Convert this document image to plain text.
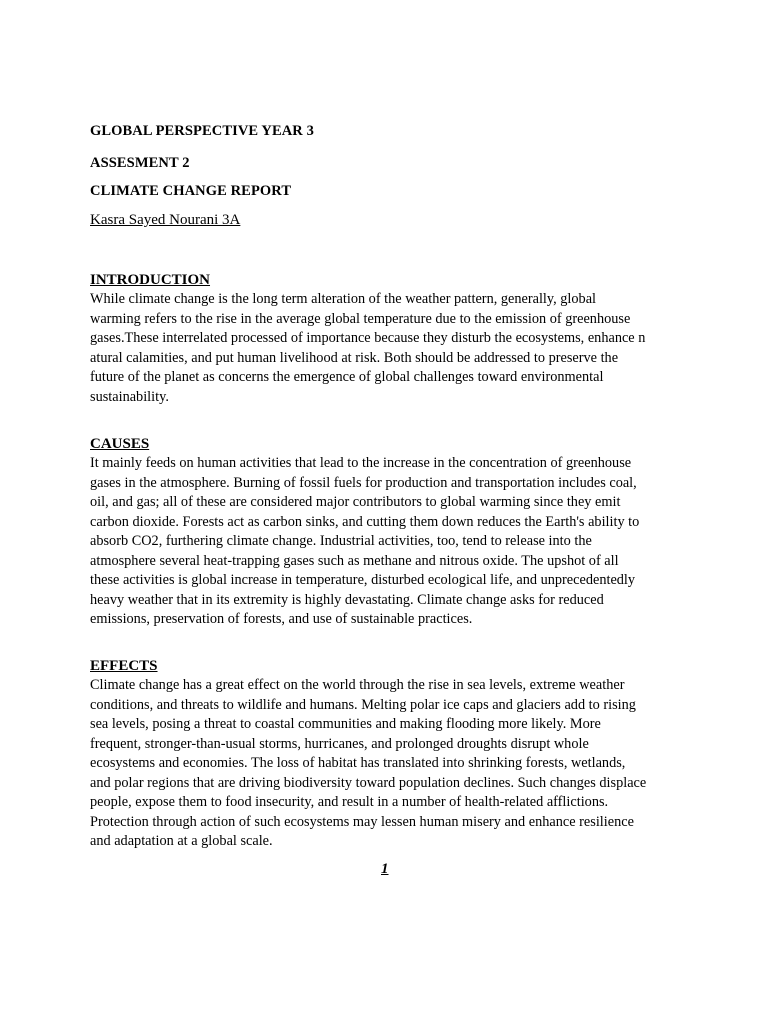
GLOBAL PERSPECTIVE YEAR 3
ASSESMENT 2
CLIMATE CHANGE REPORT
Kasra Sayed Nourani 3A
INTRODUCTION
While climate change is the long term alteration of the weather pattern, generally, global
warming refers to the rise in the average global temperature due to the emission of greenhouse
gases.These interrelated processed of importance because they disturb the ecosystems, enhance n
atural calamities, and put human livelihood at risk. Both should be addressed to preserve the
future of the planet as concerns the emergence of global challenges toward environmental
sustainability.
CAUSES
It mainly feeds on human activities that lead to the increase in the concentration of greenhouse
gases in the atmosphere. Burning of fossil fuels for production and transportation includes coal,
oil, and gas; all of these are considered major contributors to global warming since they emit
carbon dioxide. Forests act as carbon sinks, and cutting them down reduces the Earth's ability to
absorb CO2, furthering climate change. Industrial activities, too, tend to release into the
atmosphere several heat-trapping gases such as methane and nitrous oxide. The upshot of all
these activities is global increase in temperature, disturbed ecological life, and unprecedentedly
heavy weather that in its extremity is highly devastating. Climate change asks for reduced
emissions, preservation of forests, and use of sustainable practices.
EFFECTS
Climate change has a great effect on the world through the rise in sea levels, extreme weather
conditions, and threats to wildlife and humans. Melting polar ice caps and glaciers add to rising
sea levels, posing a threat to coastal communities and making flooding more likely. More
frequent, stronger-than-usual storms, hurricanes, and prolonged droughts disrupt whole
ecosystems and economies. The loss of habitat has translated into shrinking forests, wetlands,
and polar regions that are driving biodiversity toward population declines. Such changes displace
people, expose them to food insecurity, and result in a number of health-related afflictions.
Protection through action of such ecosystems may lessen human misery and enhance resilience
and adaptation at a global scale.
1
